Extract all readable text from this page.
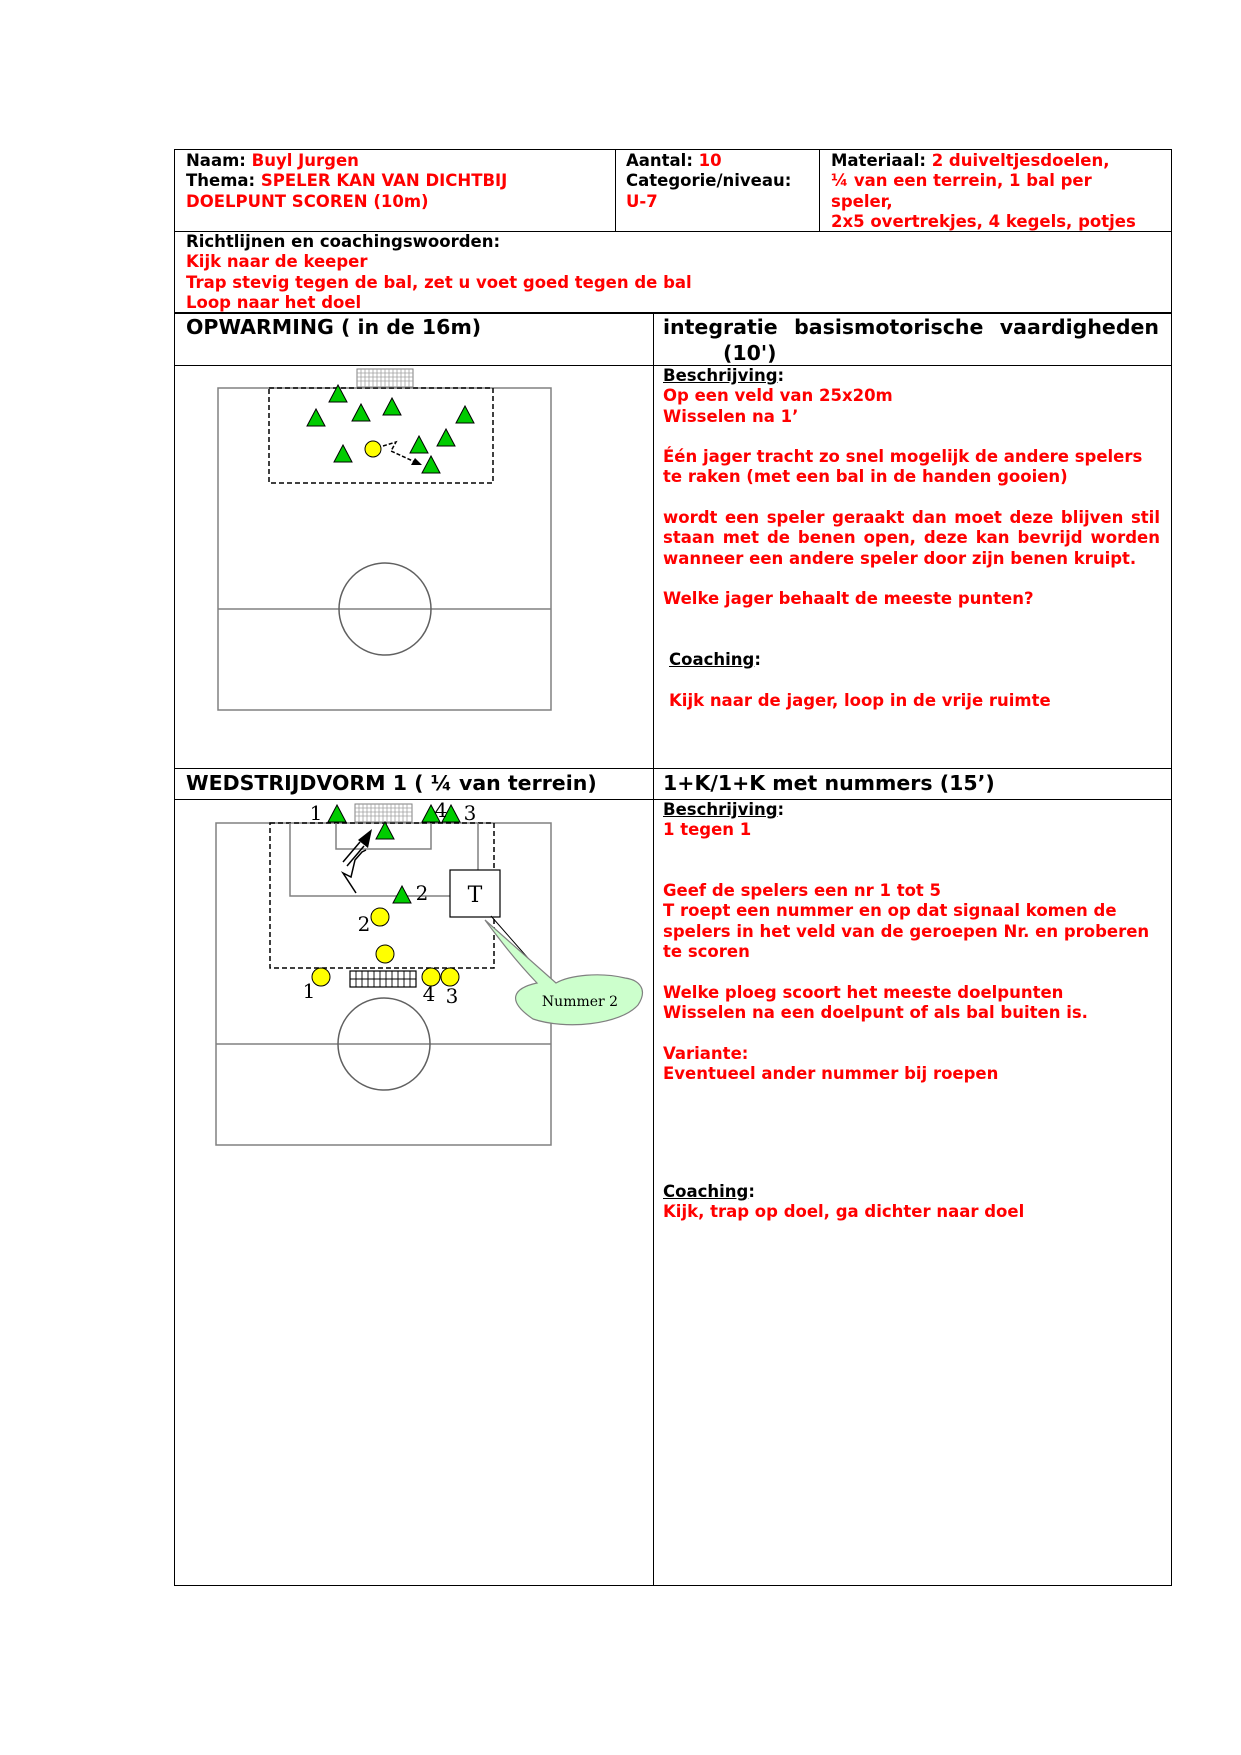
Naam: Buyl Jurgen
Thema: SPELER KAN VAN DICHTBIJ
DOELPUNT SCOREN (10m)
Aantal: 10
Categorie/niveau:
U-7
Materiaal: 2 duiveltjesdoelen,
¼ van een terrein, 1 bal per
speler,
2x5 overtrekjes, 4 kegels, potjes
Richtlijnen en coachingswoorden:
Kijk naar de keeper
Trap stevig tegen de bal, zet u voet goed tegen de bal
Loop naar het doel
OPWARMING ( in de 16m)	integratie basismotorische vaardigheden
(10')
Beschrijving:
Op een veld van 25x20m
Wisselen na 1’
Één jager tracht zo snel mogelijk de andere spelers te raken (met een bal in de handen gooien)
wordt een speler geraakt dan moet deze blijven stil staan met de benen open, deze kan bevrijd worden wanneer een andere speler door zijn benen kruipt.
Welke jager behaalt de meeste punten?
Coaching:
Kijk naar de jager, loop in de vrije ruimte
WEDSTRIJDVORM 1 ( ¼ van terrein)	1+K/1+K met nummers (15’)
Beschrijving:
1 tegen 1
Geef de spelers een nr 1 tot 5
T roept een nummer en op dat signaal komen de
spelers in het veld van de geroepen Nr. en proberen
te scoren
Welke ploeg scoort het meeste doelpunten
Wisselen na een doelpunt of als bal buiten is.
Variante:
Eventueel ander nummer bij roepen
Coaching:
Kijk, trap op doel, ga dichter naar doel
T
Nummer 2
1	4 3
2
2
1	4 3
